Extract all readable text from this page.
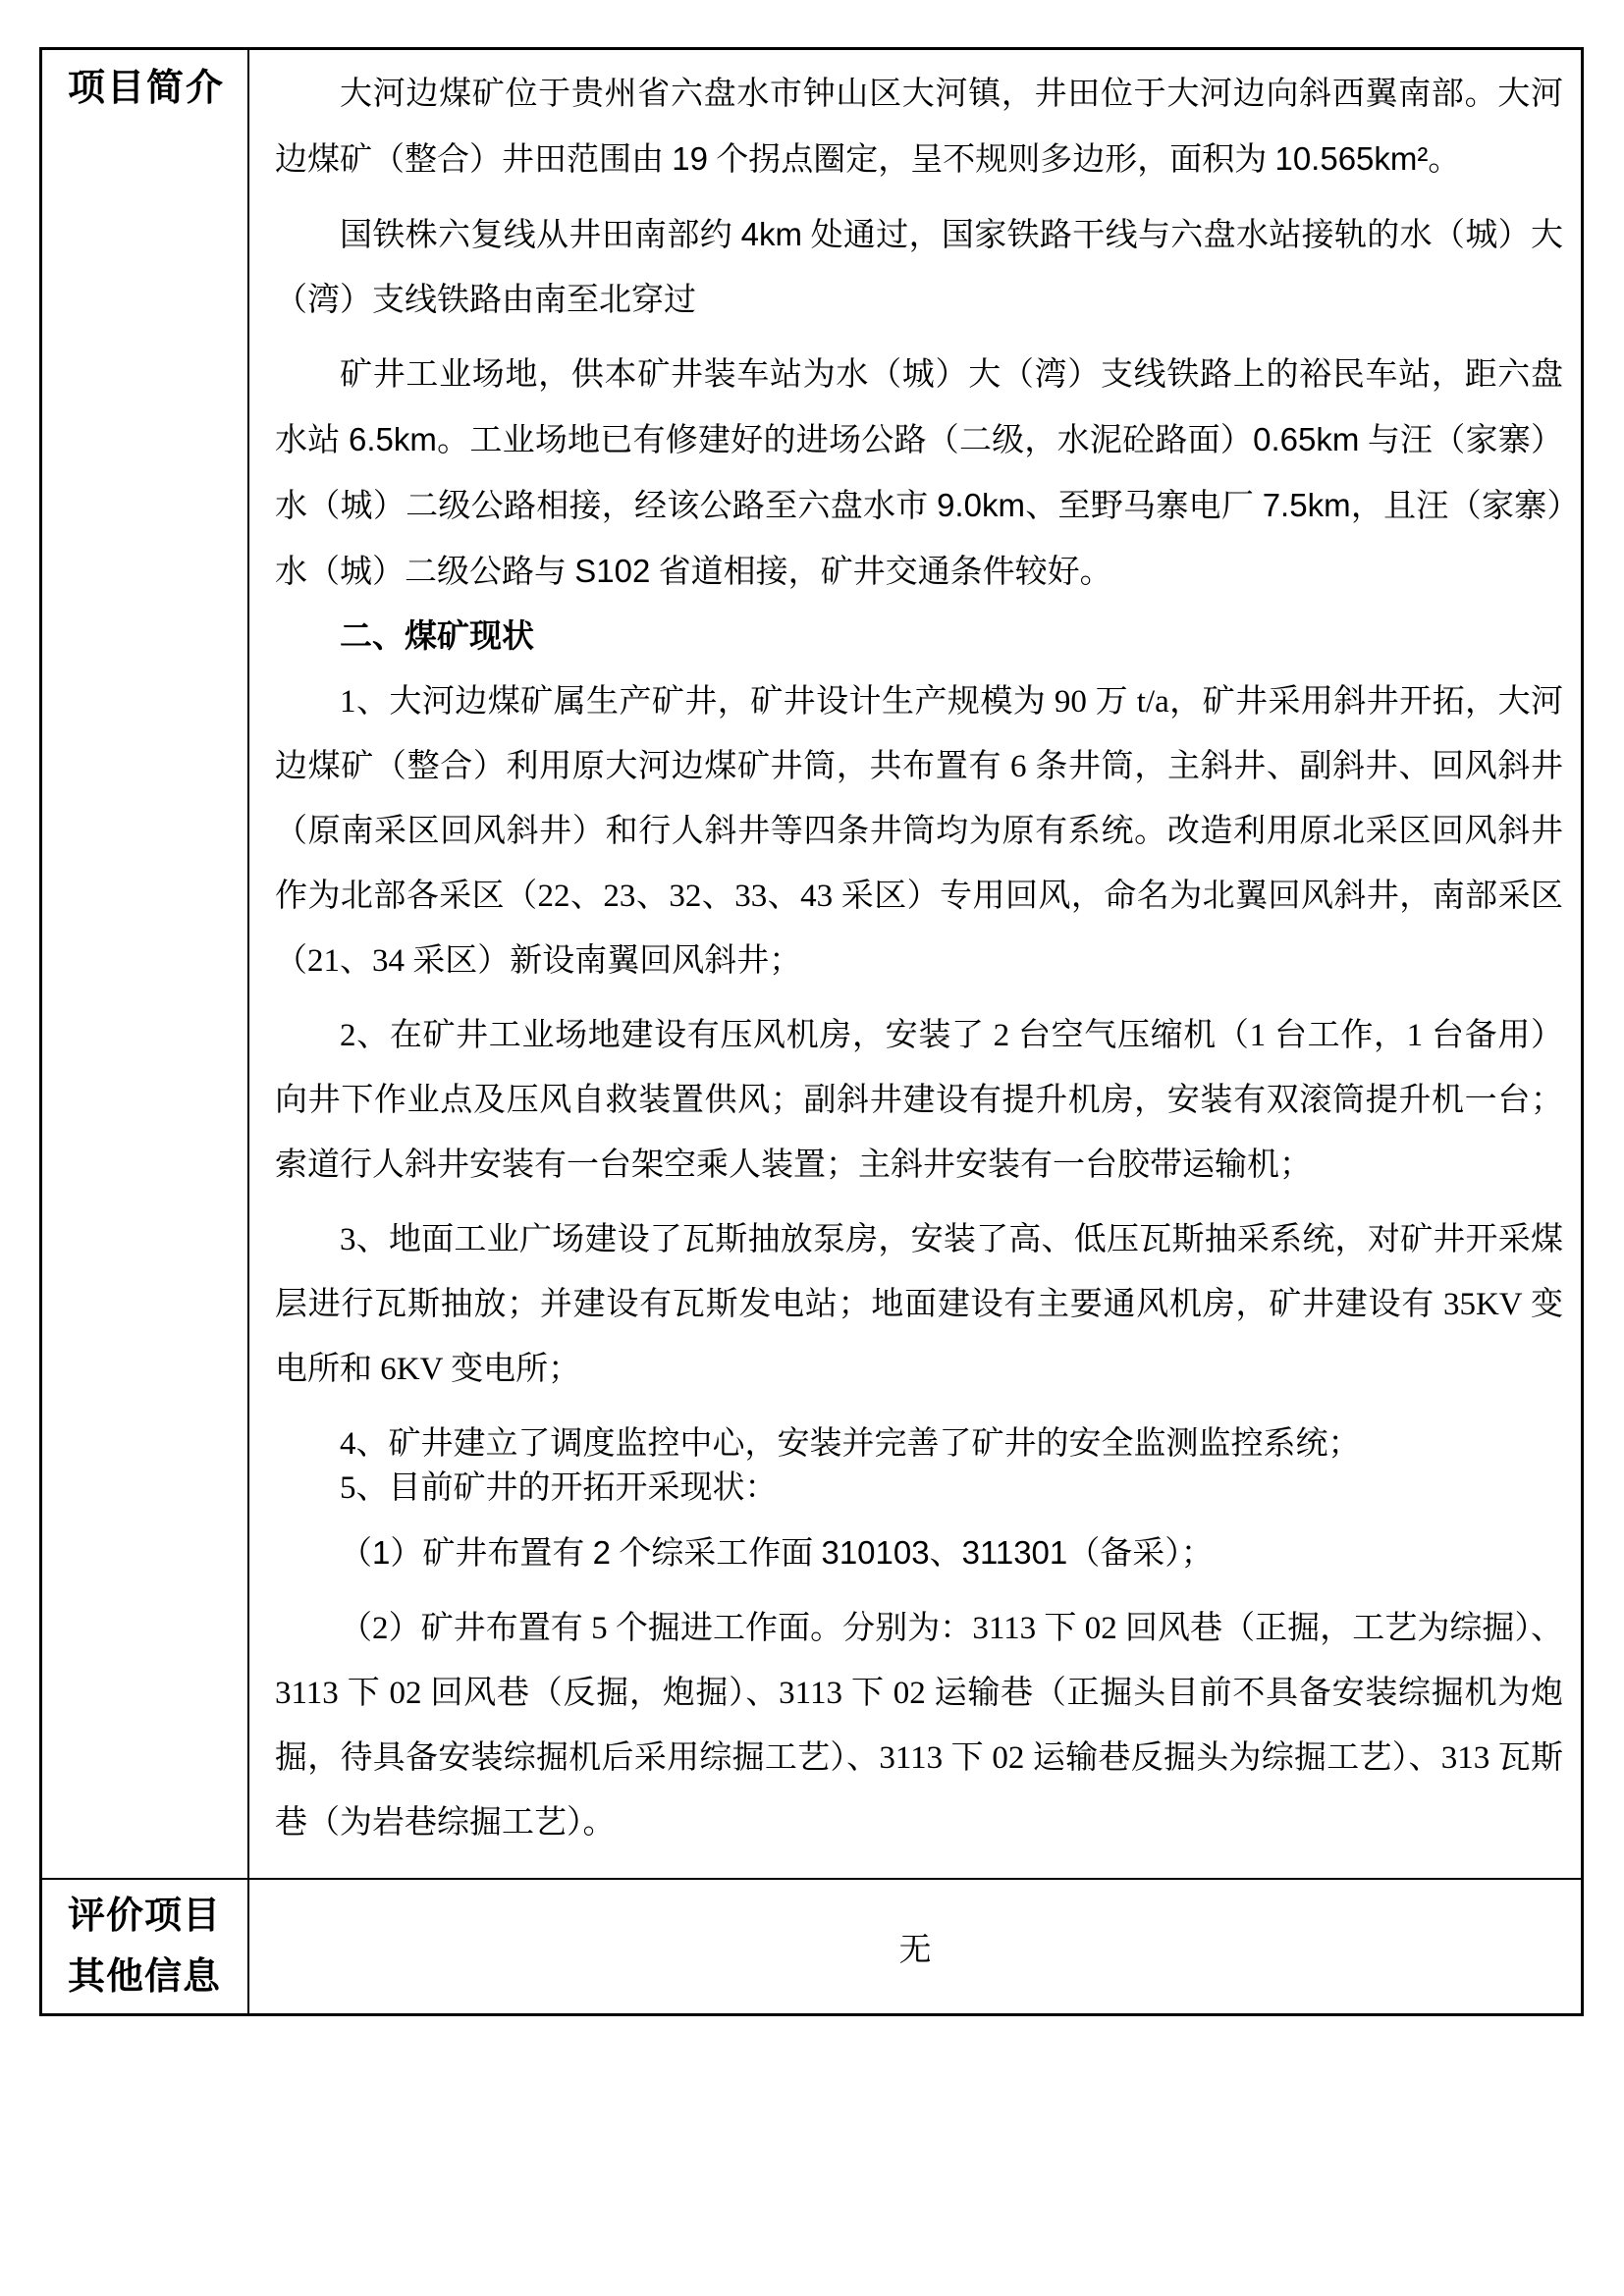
项目简介	大河边煤矿位于贵州省六盘水市钟山区大河镇，井田位于大河边向斜西翼南部。大河边煤矿（整合）井田范围由 19 个拐点圈定，呈不规则多边形，面积为 10.565km²。

国铁株六复线从井田南部约 4km 处通过，国家铁路干线与六盘水站接轨的水（城）大（湾）支线铁路由南至北穿过

矿井工业场地，供本矿井装车站为水（城）大（湾）支线铁路上的裕民车站，距六盘水站 6.5km。工业场地已有修建好的进场公路（二级，水泥砼路面）0.65km 与汪（家寨）水（城）二级公路相接，经该公路至六盘水市 9.0km、至野马寨电厂 7.5km，且汪（家寨）水（城）二级公路与 S102 省道相接，矿井交通条件较好。

二、煤矿现状

1、大河边煤矿属生产矿井，矿井设计生产规模为 90 万 t/a，矿井采用斜井开拓，大河边煤矿（整合）利用原大河边煤矿井筒，共布置有 6 条井筒，主斜井、副斜井、回风斜井（原南采区回风斜井）和行人斜井等四条井筒均为原有系统。改造利用原北采区回风斜井作为北部各采区（22、23、32、33、43 采区）专用回风，命名为北翼回风斜井，南部采区（21、34 采区）新设南翼回风斜井；

2、在矿井工业场地建设有压风机房，安装了 2 台空气压缩机（1 台工作，1 台备用）向井下作业点及压风自救装置供风；副斜井建设有提升机房，安装有双滚筒提升机一台；索道行人斜井安装有一台架空乘人装置；主斜井安装有一台胶带运输机；

3、地面工业广场建设了瓦斯抽放泵房，安装了高、低压瓦斯抽采系统，对矿井开采煤层进行瓦斯抽放；并建设有瓦斯发电站；地面建设有主要通风机房，矿井建设有 35KV 变电所和 6KV 变电所；

4、矿井建立了调度监控中心，安装并完善了矿井的安全监测监控系统；

5、目前矿井的开拓开采现状：

（1）矿井布置有 2 个综采工作面 310103、311301（备采）；

（2）矿井布置有 5 个掘进工作面。分别为：3113 下 02 回风巷（正掘，工艺为综掘）、3113 下 02 回风巷（反掘，炮掘）、3113 下 02 运输巷（正掘头目前不具备安装综掘机为炮掘，待具备安装综掘机后采用综掘工艺）、3113 下 02 运输巷反掘头为综掘工艺）、313 瓦斯巷（为岩巷综掘工艺）。

评价项目
其他信息
无
